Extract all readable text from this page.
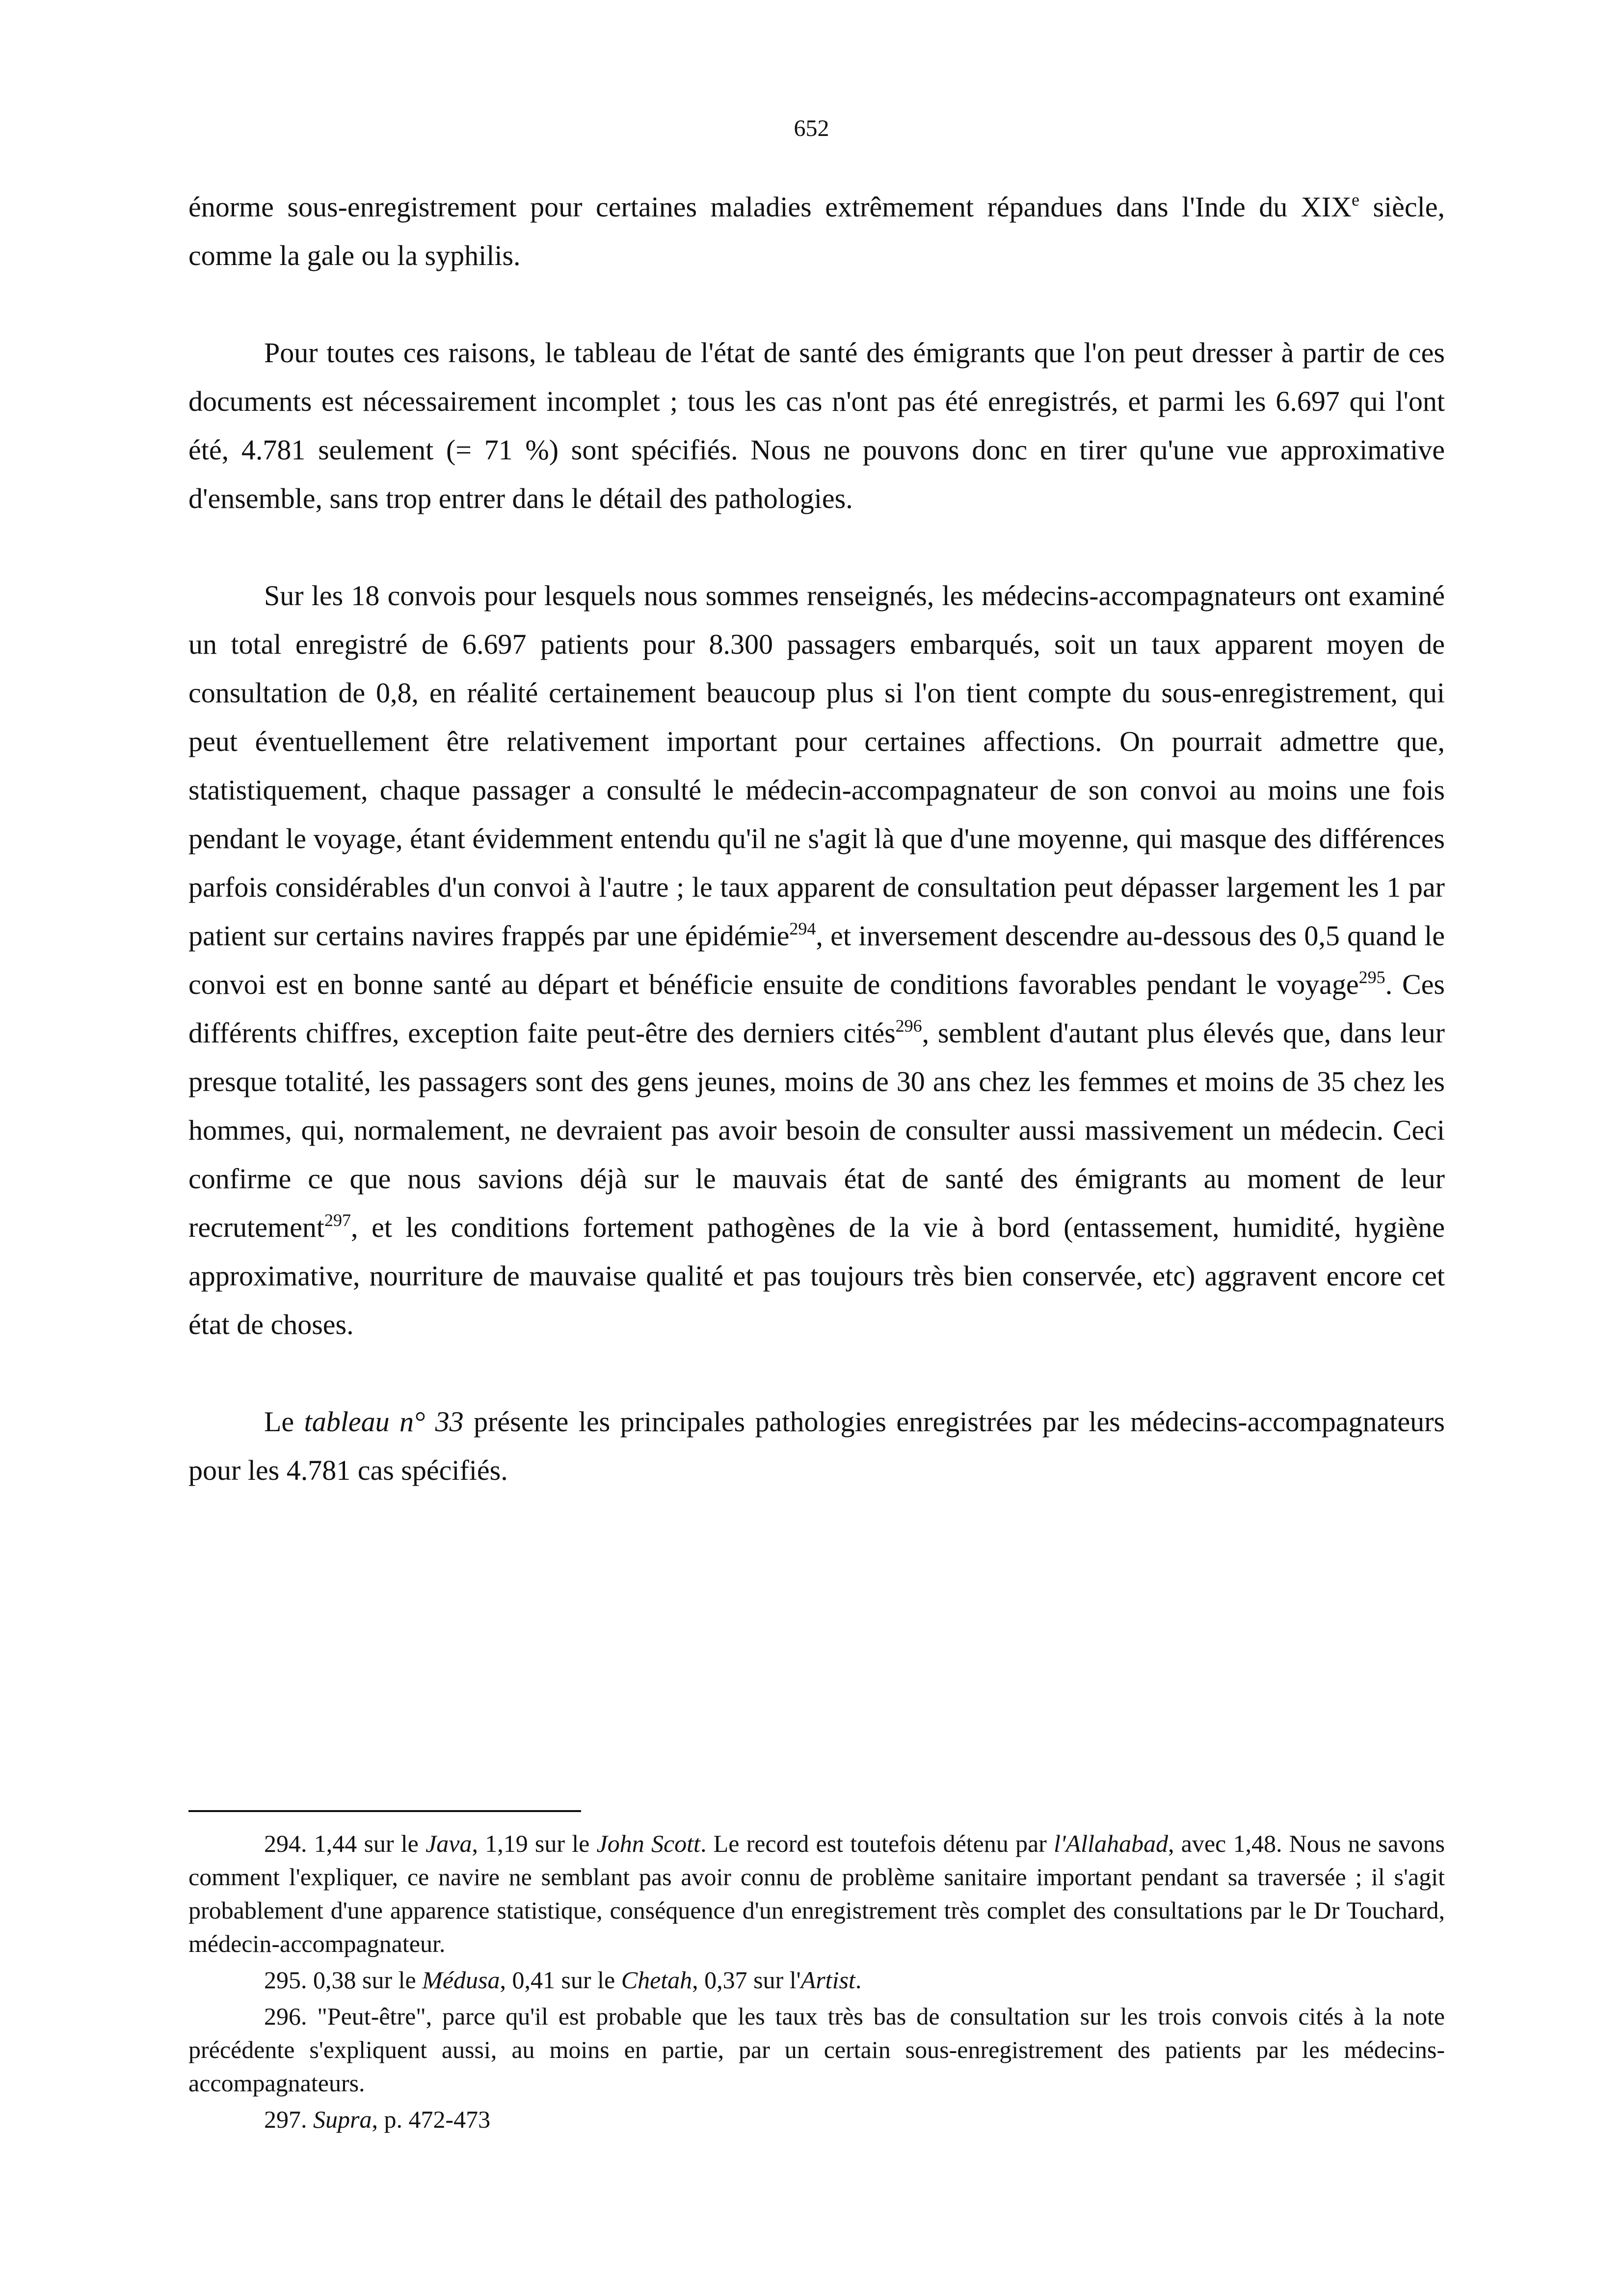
652

énorme sous-enregistrement pour certaines maladies extrêmement répandues dans l'Inde du XIXe siècle, comme la gale ou la syphilis.

Pour toutes ces raisons, le tableau de l'état de santé des émigrants que l'on peut dresser à partir de ces documents est nécessairement incomplet ; tous les cas n'ont pas été enregistrés, et parmi les 6.697 qui l'ont été, 4.781 seulement (= 71 %) sont spécifiés. Nous ne pouvons donc en tirer qu'une vue approximative d'ensemble, sans trop entrer dans le détail des pathologies.

Sur les 18 convois pour lesquels nous sommes renseignés, les médecins-accompagnateurs ont examiné un total enregistré de 6.697 patients pour 8.300 passagers embarqués, soit un taux apparent moyen de consultation de 0,8, en réalité certainement beaucoup plus si l'on tient compte du sous-enregistrement, qui peut éventuellement être relativement important pour certaines affections. On pourrait admettre que, statistiquement, chaque passager a consulté le médecin-accompagnateur de son convoi au moins une fois pendant le voyage, étant évidemment entendu qu'il ne s'agit là que d'une moyenne, qui masque des différences parfois considérables d'un convoi à l'autre ; le taux apparent de consultation peut dépasser largement les 1 par patient sur certains navires frappés par une épidémie$^{294}$, et inversement descendre au-dessous des 0,5 quand le convoi est en bonne santé au départ et bénéficie ensuite de conditions favorables pendant le voyage$^{295}$. Ces différents chiffres, exception faite peut-être des derniers cités$^{296}$, semblent d'autant plus élevés que, dans leur presque totalité, les passagers sont des gens jeunes, moins de 30 ans chez les femmes et moins de 35 chez les hommes, qui, normalement, ne devraient pas avoir besoin de consulter aussi massivement un médecin. Ceci confirme ce que nous savions déjà sur le mauvais état de santé des émigrants au moment de leur recrutement$^{297}$, et les conditions fortement pathogènes de la vie à bord (entassement, humidité, hygiène approximative, nourriture de mauvaise qualité et pas toujours très bien conservée, etc) aggravent encore cet état de choses.

Le tableau n° 33 présente les principales pathologies enregistrées par les médecins-accompagnateurs pour les 4.781 cas spécifiés.

294. 1,44 sur le Java, 1,19 sur le John Scott. Le record est toutefois détenu par l'Allahabad, avec 1,48. Nous ne savons comment l'expliquer, ce navire ne semblant pas avoir connu de problème sanitaire important pendant sa traversée ; il s'agit probablement d'une apparence statistique, conséquence d'un enregistrement très complet des consultations par le Dr Touchard, médecin-accompagnateur.

295. 0,38 sur le Médusa, 0,41 sur le Chetah, 0,37 sur l'Artist.

296. "Peut-être", parce qu'il est probable que les taux très bas de consultation sur les trois convois cités à la note précédente s'expliquent aussi, au moins en partie, par un certain sous-enregistrement des patients par les médecins-accompagnateurs.

297. Supra, p. 472-473
